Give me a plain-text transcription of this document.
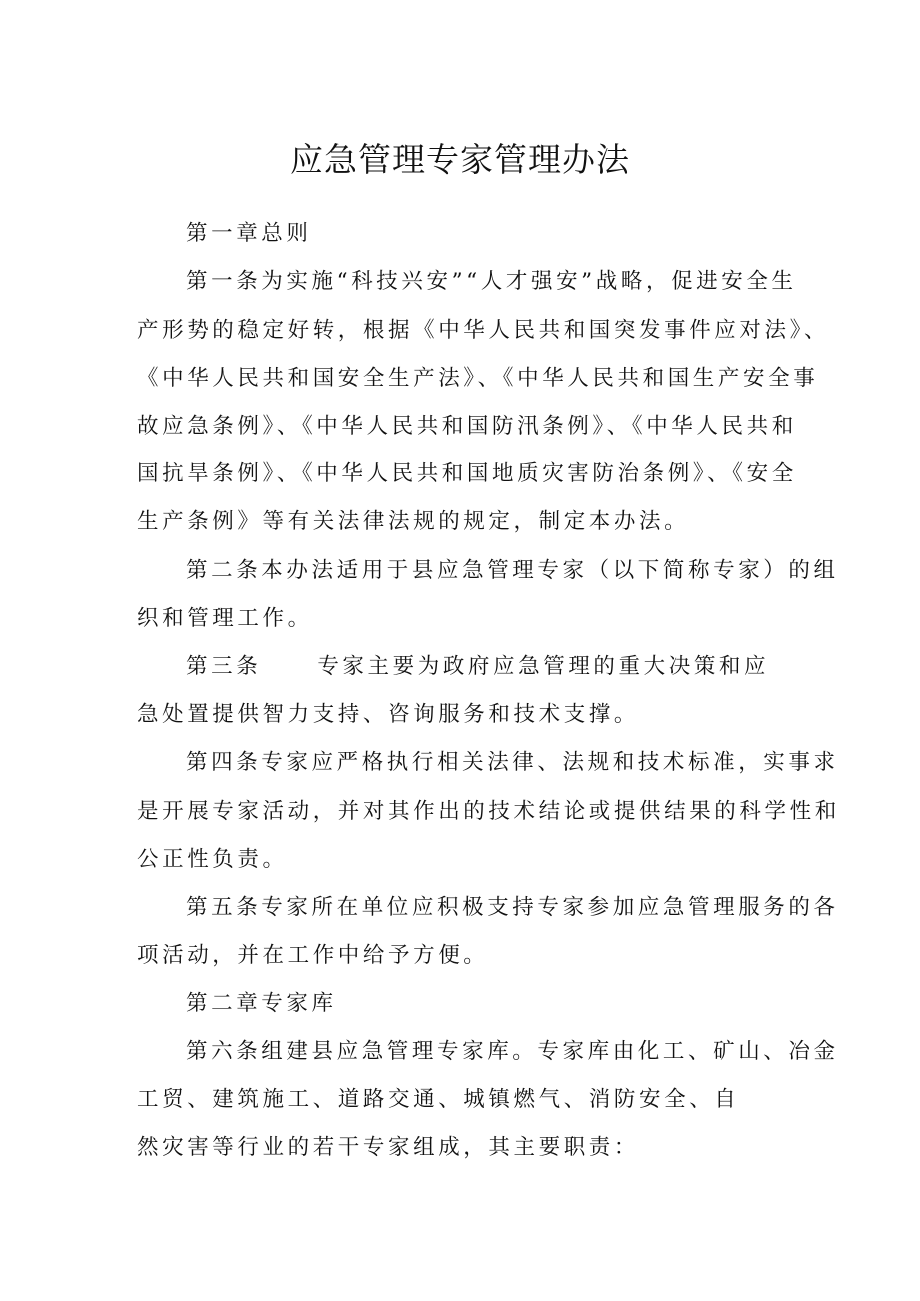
应急管理专家管理办法
第一章总则
第一条为实施“科技兴安”“人才强安”战略，促进安全生
产形势的稳定好转，根据《中华人民共和国突发事件应对法》、
《中华人民共和国安全生产法》、《中华人民共和国生产安全事
故应急条例》、《中华人民共和国防汛条例》、《中华人民共和
国抗旱条例》、《中华人民共和国地质灾害防治条例》、《安全
生产条例》等有关法律法规的规定，制定本办法。
第二条本办法适用于县应急管理专家（以下简称专家）的组
织和管理工作。
第三条	专家主要为政府应急管理的重大决策和应
急处置提供智力支持、咨询服务和技术支撑。
第四条专家应严格执行相关法律、法规和技术标准，实事求
是开展专家活动，并对其作出的技术结论或提供结果的科学性和
公正性负责。
第五条专家所在单位应积极支持专家参加应急管理服务的各
项活动，并在工作中给予方便。
第二章专家库
第六条组建县应急管理专家库。专家库由化工、矿山、冶金
工贸、建筑施工、道路交通、城镇燃气、消防安全、自
然灾害等行业的若干专家组成，其主要职责：
